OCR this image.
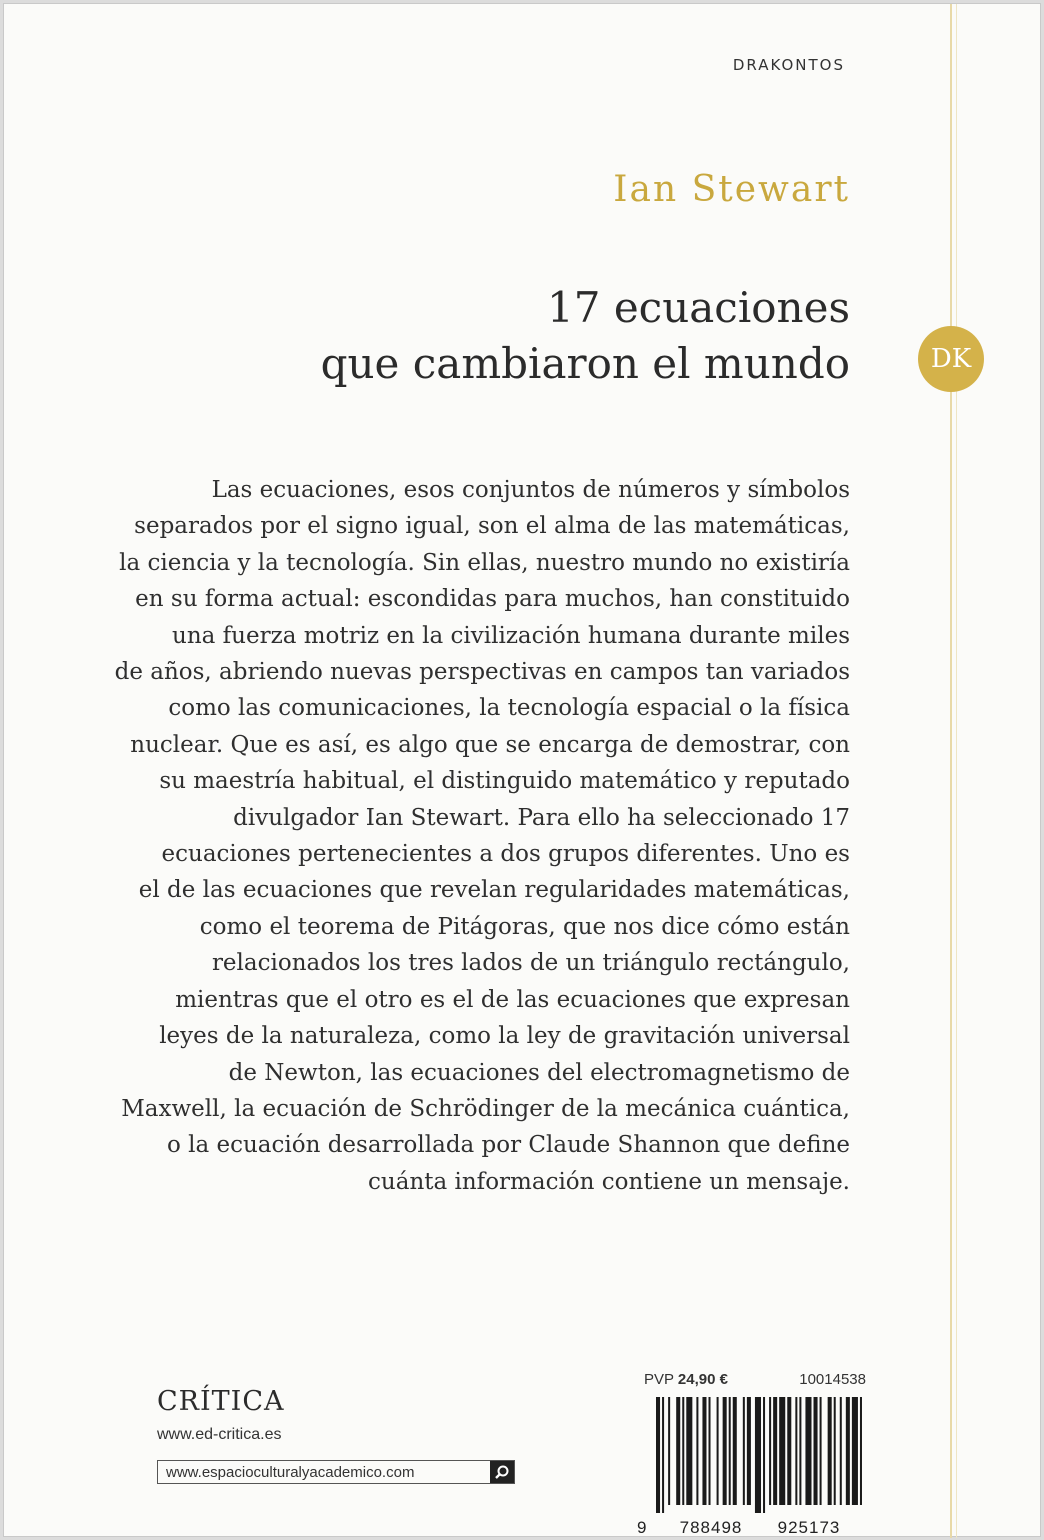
DRAKONTOS
Ian Stewart
17 ecuaciones
que cambiaron el mundo	DK
Las ecuaciones, esos conjuntos de números y símbolos
separados por el signo igual, son el alma de las matemáticas,
la ciencia y la tecnología. Sin ellas, nuestro mundo no existiría
en su forma actual: escondidas para muchos, han constituido
una fuerza motriz en la civilización humana durante miles
de años, abriendo nuevas perspectivas en campos tan variados
como las comunicaciones, la tecnología espacial o la física
nuclear. Que es así, es algo que se encarga de demostrar, con
su maestría habitual, el distinguido matemático y reputado
divulgador Ian Stewart. Para ello ha seleccionado 17
ecuaciones pertenecientes a dos grupos diferentes. Uno es
el de las ecuaciones que revelan regularidades matemáticas,
como el teorema de Pitágoras, que nos dice cómo están
relacionados los tres lados de un triángulo rectángulo,
mientras que el otro es el de las ecuaciones que expresan
leyes de la naturaleza, como la ley de gravitación universal
de Newton, las ecuaciones del electromagnetismo de
Maxwell, la ecuación de Schrödinger de la mecánica cuántica,
o la ecuación desarrollada por Claude Shannon que define
cuánta información contiene un mensaje.
CRÍTICA
www.ed-critica.es
www.espacioculturalyacademico.com
PVP 24,90 €	10014538
9	788498	925173
